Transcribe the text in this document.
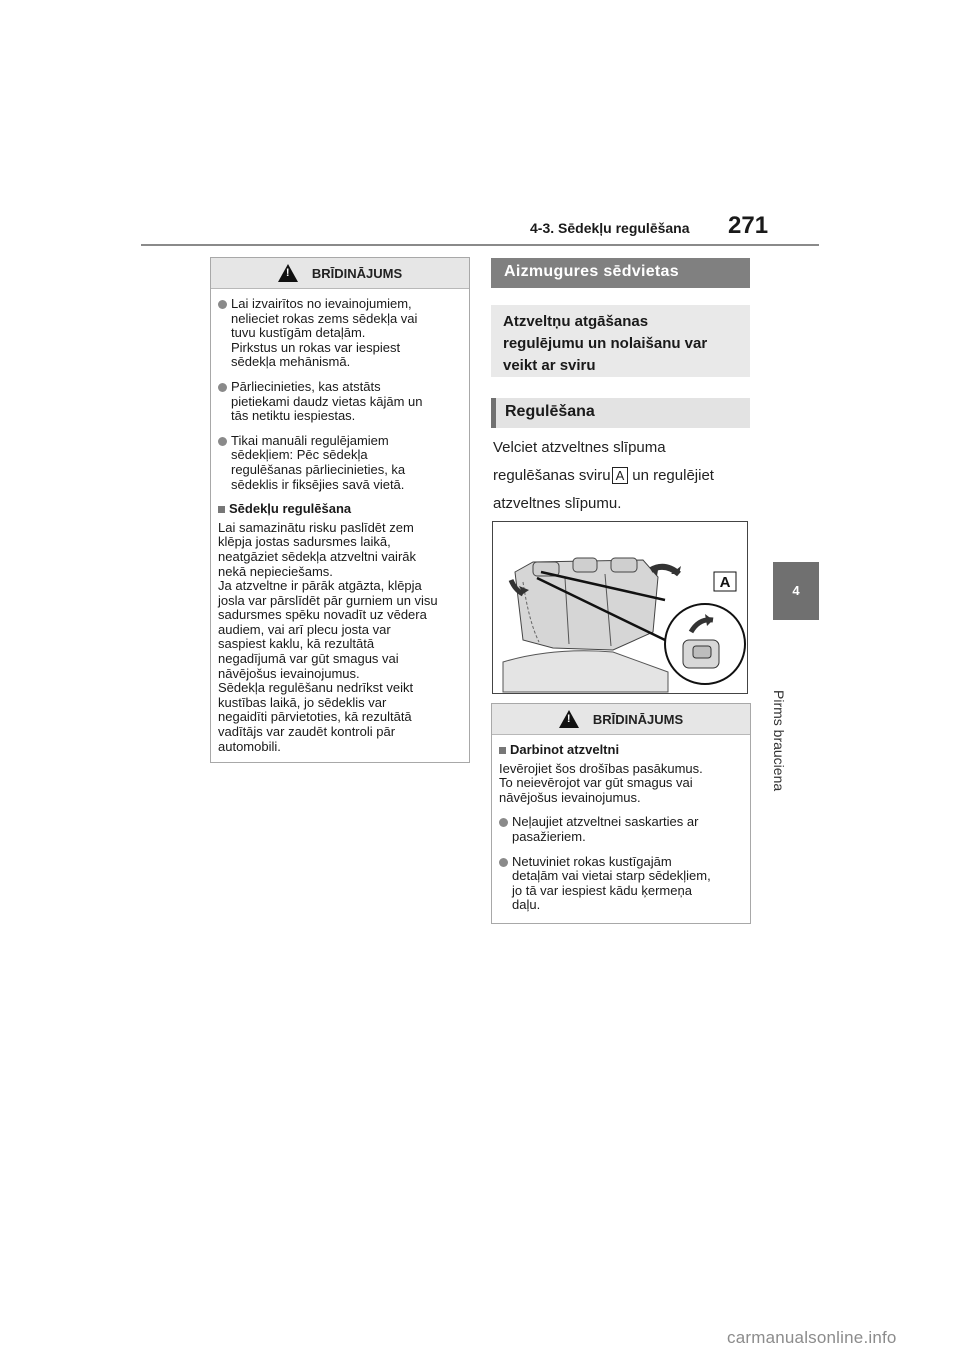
4-3. Sēdekļu regulēšana 271
4
Pirms brauciena
! BRĪDINĀJUMS
Lai izvairītos no ievainojumiem,
nelieciet rokas zems sēdekļa vai
tuvu kustīgām detaļām.
Pirkstus un rokas var iespiest
sēdekļa mehānismā.
Pārliecinieties, kas atstāts
pietiekami daudz vietas kājām un
tās netiktu iespiestas.
Tikai manuāli regulējamiem
sēdekļiem: Pēc sēdekļa
regulēšanas pārliecinieties, ka
sēdeklis ir fiksējies savā vietā.
Sēdekļu regulēšana
Lai samazinātu risku paslīdēt zem
klēpja jostas sadursmes laikā,
neatgāziet sēdekļa atzveltni vairāk
nekā nepieciešams.
Ja atzveltne ir pārāk atgāzta, klēpja
josla var pārslīdēt pār gurniem un visu
sadursmes spēku novadīt uz vēdera
audiem, vai arī plecu josta var
saspiest kaklu, kā rezultātā
negadījumā var gūt smagus vai
nāvējošus ievainojumus.
Sēdekļa regulēšanu nedrīkst veikt
kustības laikā, jo sēdeklis var
negaidīti pārvietoties, kā rezultātā
vadītājs var zaudēt kontroli pār
automobili.
Aizmugures sēdvietas
Atzveltņu atgāšanas
regulējumu un nolaišanu var
veikt ar sviru
Regulēšana
Velciet atzveltnes slīpuma
regulēšanas sviru A un regulējiet
atzveltnes slīpumu.
A
! BRĪDINĀJUMS
Darbinot atzveltni
Ievērojiet šos drošības pasākumus.
To neievērojot var gūt smagus vai
nāvējošus ievainojumus.
Neļaujiet atzveltnei saskarties ar
pasažieriem.
Netuviniet rokas kustīgajām
detaļām vai vietai starp sēdekļiem,
jo tā var iespiest kādu ķermeņa
daļu.
carmanualsonline.info
